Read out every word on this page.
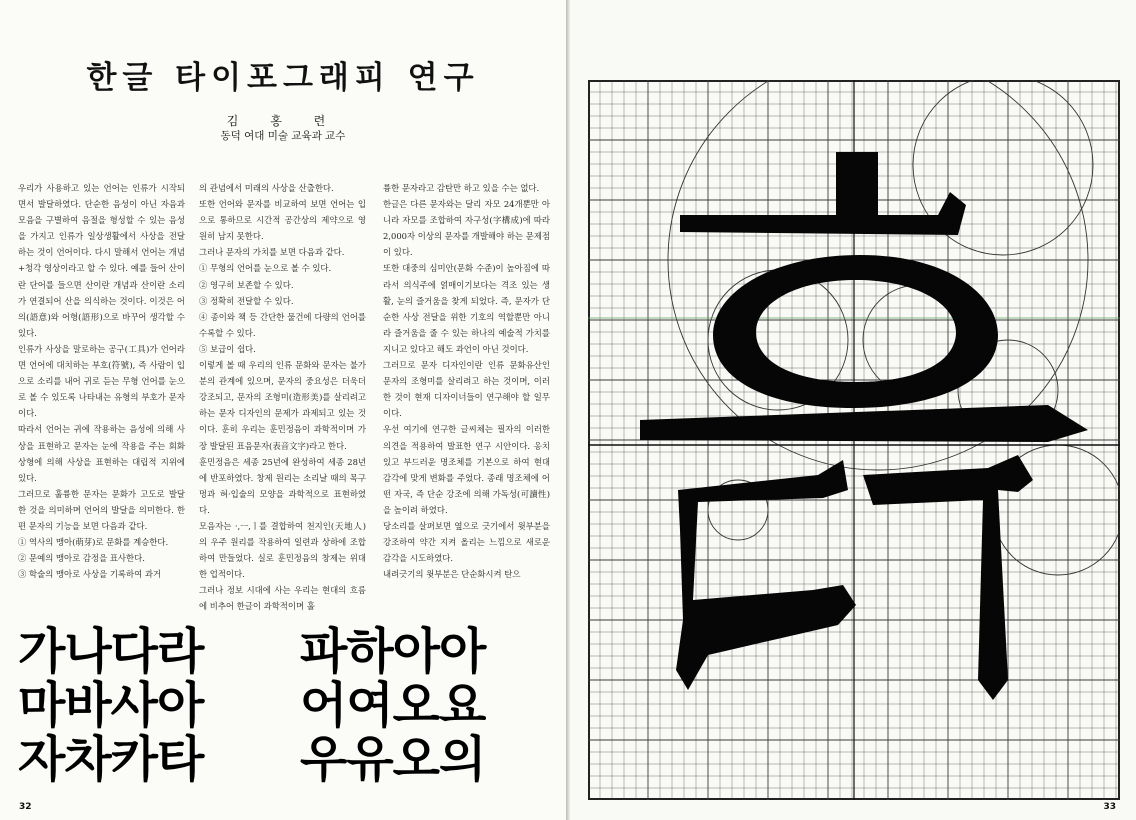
한글 타이포그래피 연구
김 홍 련
동덕 여대 미술 교육과 교수

우리가 사용하고 있는 언어는 인류가 시작되면서 발달하였다. 단순한 음성이 아닌 자음과 모음을 구별하여 음절을 형성할 수 있는 음성을 가지고 인류가 일상생활에서 사상을 전달하는 것이 언어이다. 다시 말해서 언어는 개념+청각 영상이라고 할 수 있다. 예를 들어 산이란 단어를 들으면 산이란 개념과 산이란 소리가 연결되어 산을 의식하는 것이다. 이것은 어의(語意)와 어형(語形)으로 바꾸어 생각할 수 있다.

인류가 사상을 말로하는 공구(工具)가 언어라면 언어에 대치하는 부호(符號), 즉 사람이 입으로 소리를 내어 귀로 듣는 무형 언어를 눈으로 볼 수 있도록 나타내는 유형의 부호가 문자이다.

따라서 언어는 귀에 작용하는 음성에 의해 사상을 표현하고 문자는 눈에 작용을 주는 회화 상형에 의해 사상을 표현하는 대립적 지위에 있다.

그러므로 훌륭한 문자는 문화가 고도로 발달한 것을 의미하며 언어의 발달을 의미한다. 한편 문자의 기능을 보면 다음과 같다.

① 역사의 맹아(萌芽)로 문화를 계승한다.

② 문예의 맹아로 감정을 표사한다.

③ 학술의 맹아로 사상을 기록하여 과거

의 관념에서 미래의 사상을 산출한다.

또한 언어와 문자를 비교하여 보면 언어는 입으로 통하므로 시간적 공간상의 제약으로 영원히 남지 못한다.

그러나 문자의 가치를 보면 다음과 같다.

① 무형의 언어를 눈으로 볼 수 있다.

② 영구히 보존할 수 있다.

③ 정확히 전달할 수 있다.

④ 종이와 책 등 간단한 물건에 다량의 언어를 수록할 수 있다.

⑤ 보급이 쉽다.

이렇게 볼 때 우리의 인류 문화와 문자는 불가분의 관계에 있으며, 문자의 중요성은 더욱더 강조되고, 문자의 조형미(造形美)를 살리려고 하는 문자 디자인의 문제가 과제되고 있는 것이다. 훈히 우리는 훈민정음이 과학적이며 가장 발달된 표음문자(表音文字)라고 한다.

훈민정음은 세종 25년에 완성하여 세종 28년에 반포하였다. 창제 원리는 소리날 때의 목구멍과 혀·입술의 모양을 과학적으로 표현하였다.

모음자는 ·,ㅡ,ㅣ를 결합하여 천지인(天地人)의 우주 원리를 작용하여 일련과 상하에 조합하여 만들었다. 실로 훈민정음의 창제는 위대한 업적이다.

그러나 정보 시대에 사는 우리는 현대의 흐름에 비추어 한글이 과학적이며 훌

륭한 문자라고 감탄만 하고 있을 수는 없다.

한글은 다른 문자와는 달리 자모 24개뿐만 아니라 자모를 조합하여 자구성(字構成)에 따라 2,000자 이상의 문자를 개발해야 하는 문제점이 있다.

또한 대중의 심미안(문화 수준)이 높아짐에 따라서 의식주에 얽매이기보다는 격조 있는 생활, 눈의 즐거움을 찾게 되었다. 즉, 문자가 단순한 사상 전달을 위한 기호의 역할뿐만 아니라 즐거움을 줄 수 있는 하나의 예술적 가치를 지니고 있다고 해도 과언이 아닌 것이다.

그러므로 문자 디자인이란 인류 문화유산인 문자의 조형미를 살리려고 하는 것이며, 이러한 것이 현재 디자이너들이 연구해야 할 일무이다.

우선 여기에 연구한 글씨체는 필자의 이러한 의견을 적용하여 발표한 연구 시안이다. 옹치 있고 부드러운 명조체를 기본으로 하여 현대 감각에 맞게 변화를 주었다. 종래 명조체에 어떤 자국, 즉 단순 강조에 의해 가독성(可讀性)을 높이려 하였다.

당소리를 살펴보면 옆으로 긋기에서 윗부분을 강조하여 약간 지켜 올리는 느낌으로 새로운 감각을 시도하였다.

내려긋기의 윗부분은 단순화시켜 탄으

가나다라
마바사아
자차카타
파하아아
어여오요
우유오의
32	33
